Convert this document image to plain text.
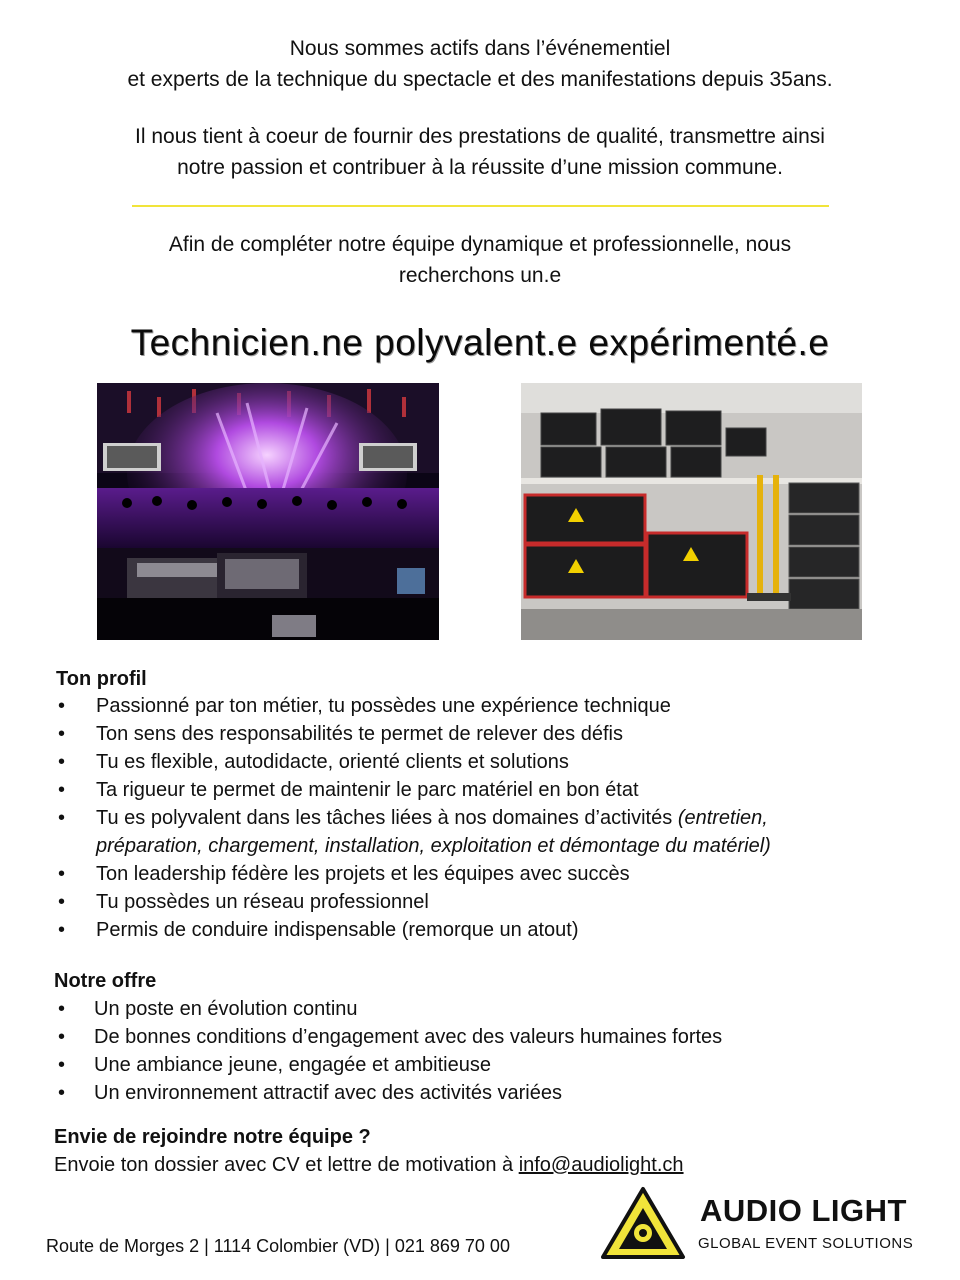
Nous sommes actifs dans l’événementiel
et experts de la technique du spectacle et des manifestations depuis 35ans.
Il nous tient à coeur de fournir des prestations de qualité, transmettre ainsi
notre passion et contribuer à la réussite d’une mission commune.
Afin de compléter notre équipe dynamique et professionnelle, nous
recherchons un.e
Technicien.ne polyvalent.e expérimenté.e
Ton profil
• Passionné par ton métier, tu possèdes une expérience technique
• Ton sens des responsabilités te permet de relever des défis
• Tu es flexible, autodidacte, orienté clients et solutions
• Ta rigueur te permet de maintenir le parc matériel en bon état
• Tu es polyvalent dans les tâches liées à nos domaines d’activités (entretien,
préparation, chargement, installation, exploitation et démontage du matériel)
• Ton leadership fédère les projets et les équipes avec succès
• Tu possèdes un réseau professionnel
• Permis de conduire indispensable (remorque un atout)
Notre offre
• Un poste en évolution continu
• De bonnes conditions d’engagement avec des valeurs humaines fortes
• Une ambiance jeune, engagée et ambitieuse
• Un environnement attractif avec des activités variées
Envie de rejoindre notre équipe ?
Envoie ton dossier avec CV et lettre de motivation à info@audiolight.ch
Route de Morges 2 | 1114 Colombier (VD) | 021 869 70 00
AUDIO LIGHT
GLOBAL EVENT SOLUTIONS
